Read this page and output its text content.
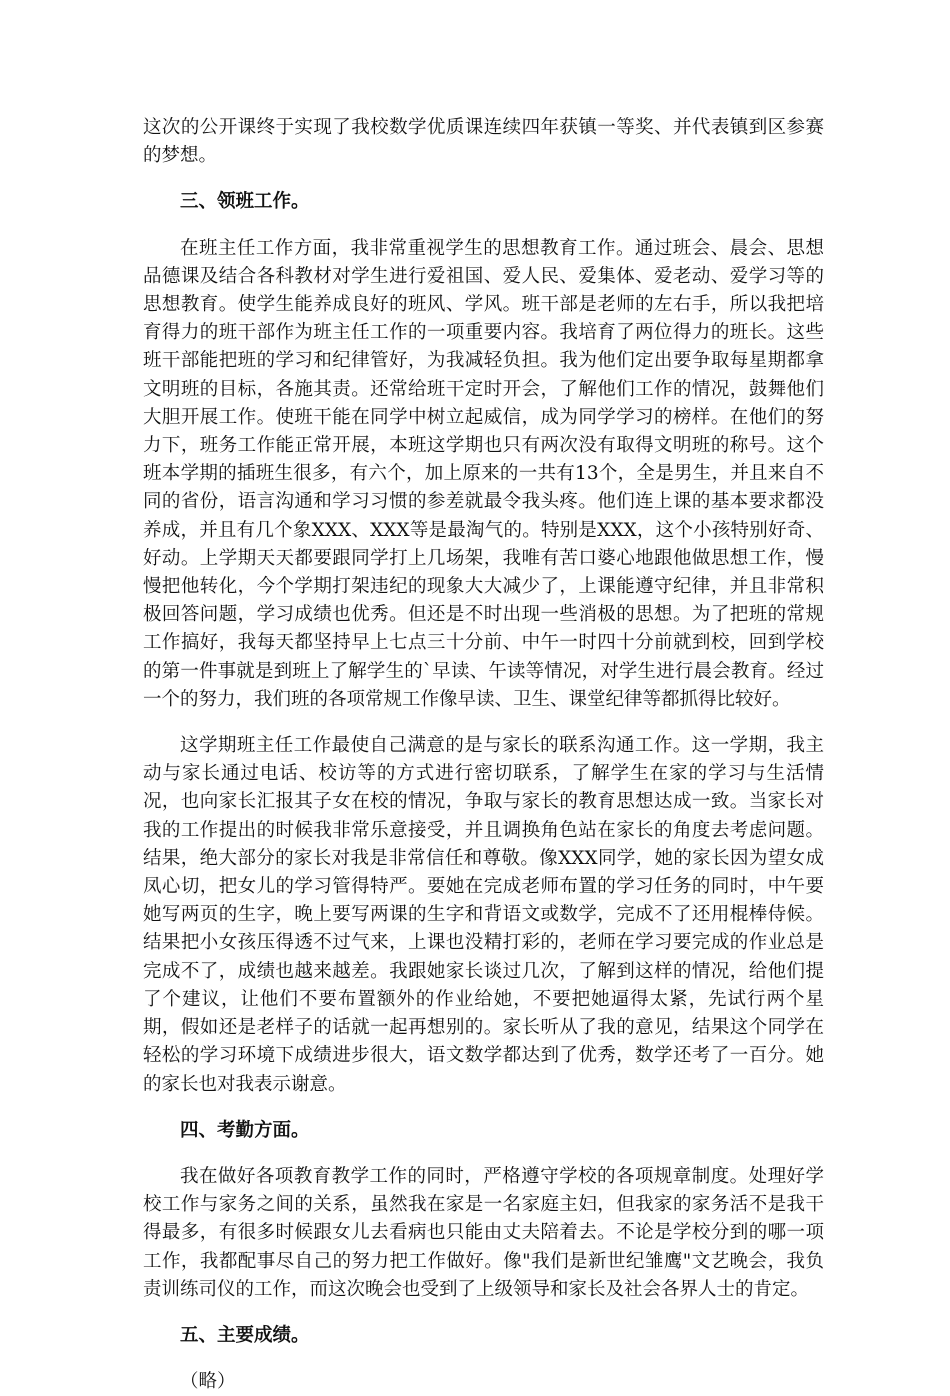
这次的公开课终于实现了我校数学优质课连续四年获镇一等奖、并代表镇到区参赛的梦想。

三、领班工作。

在班主任工作方面，我非常重视学生的思想教育工作。通过班会、晨会、思想品德课及结合各科教材对学生进行爱祖国、爱人民、爱集体、爱老动、爱学习等的思想教育。使学生能养成良好的班风、学风。班干部是老师的左右手，所以我把培育得力的班干部作为班主任工作的一项重要内容。我培育了两位得力的班长。这些班干部能把班的学习和纪律管好，为我减轻负担。我为他们定出要争取每星期都拿文明班的目标，各施其责。还常给班干定时开会，了解他们工作的情况，鼓舞他们大胆开展工作。使班干能在同学中树立起威信，成为同学学习的榜样。在他们的努力下，班务工作能正常开展，本班这学期也只有两次没有取得文明班的称号。这个班本学期的插班生很多，有六个，加上原来的一共有13个，全是男生，并且来自不同的省份，语言沟通和学习习惯的参差就最令我头疼。他们连上课的基本要求都没养成，并且有几个象XXX、XXX等是最淘气的。特别是XXX，这个小孩特别好奇、好动。上学期天天都要跟同学打上几场架，我唯有苦口婆心地跟他做思想工作，慢慢把他转化，今个学期打架违纪的现象大大减少了，上课能遵守纪律，并且非常积极回答问题，学习成绩也优秀。但还是不时出现一些消极的思想。为了把班的常规工作搞好，我每天都坚持早上七点三十分前、中午一时四十分前就到校，回到学校的第一件事就是到班上了解学生的`早读、午读等情况，对学生进行晨会教育。经过一个的努力，我们班的各项常规工作像早读、卫生、课堂纪律等都抓得比较好。

这学期班主任工作最使自己满意的是与家长的联系沟通工作。这一学期，我主动与家长通过电话、校访等的方式进行密切联系，了解学生在家的学习与生活情况，也向家长汇报其子女在校的情况，争取与家长的教育思想达成一致。当家长对我的工作提出的时候我非常乐意接受，并且调换角色站在家长的角度去考虑问题。结果，绝大部分的家长对我是非常信任和尊敬。像XXX同学，她的家长因为望女成凤心切，把女儿的学习管得特严。要她在完成老师布置的学习任务的同时，中午要她写两页的生字，晚上要写两课的生字和背语文或数学，完成不了还用棍棒侍候。结果把小女孩压得透不过气来，上课也没精打彩的，老师在学习要完成的作业总是完成不了，成绩也越来越差。我跟她家长谈过几次，了解到这样的情况，给他们提了个建议，让他们不要布置额外的作业给她，不要把她逼得太紧，先试行两个星期，假如还是老样子的话就一起再想别的。家长听从了我的意见，结果这个同学在轻松的学习环境下成绩进步很大，语文数学都达到了优秀，数学还考了一百分。她的家长也对我表示谢意。

四、考勤方面。

我在做好各项教育教学工作的同时，严格遵守学校的各项规章制度。处理好学校工作与家务之间的关系，虽然我在家是一名家庭主妇，但我家的家务活不是我干得最多，有很多时候跟女儿去看病也只能由丈夫陪着去。不论是学校分到的哪一项工作，我都配事尽自己的努力把工作做好。像"我们是新世纪雏鹰"文艺晚会，我负责训练司仪的工作，而这次晚会也受到了上级领导和家长及社会各界人士的肯定。

五、主要成绩。

（略）
